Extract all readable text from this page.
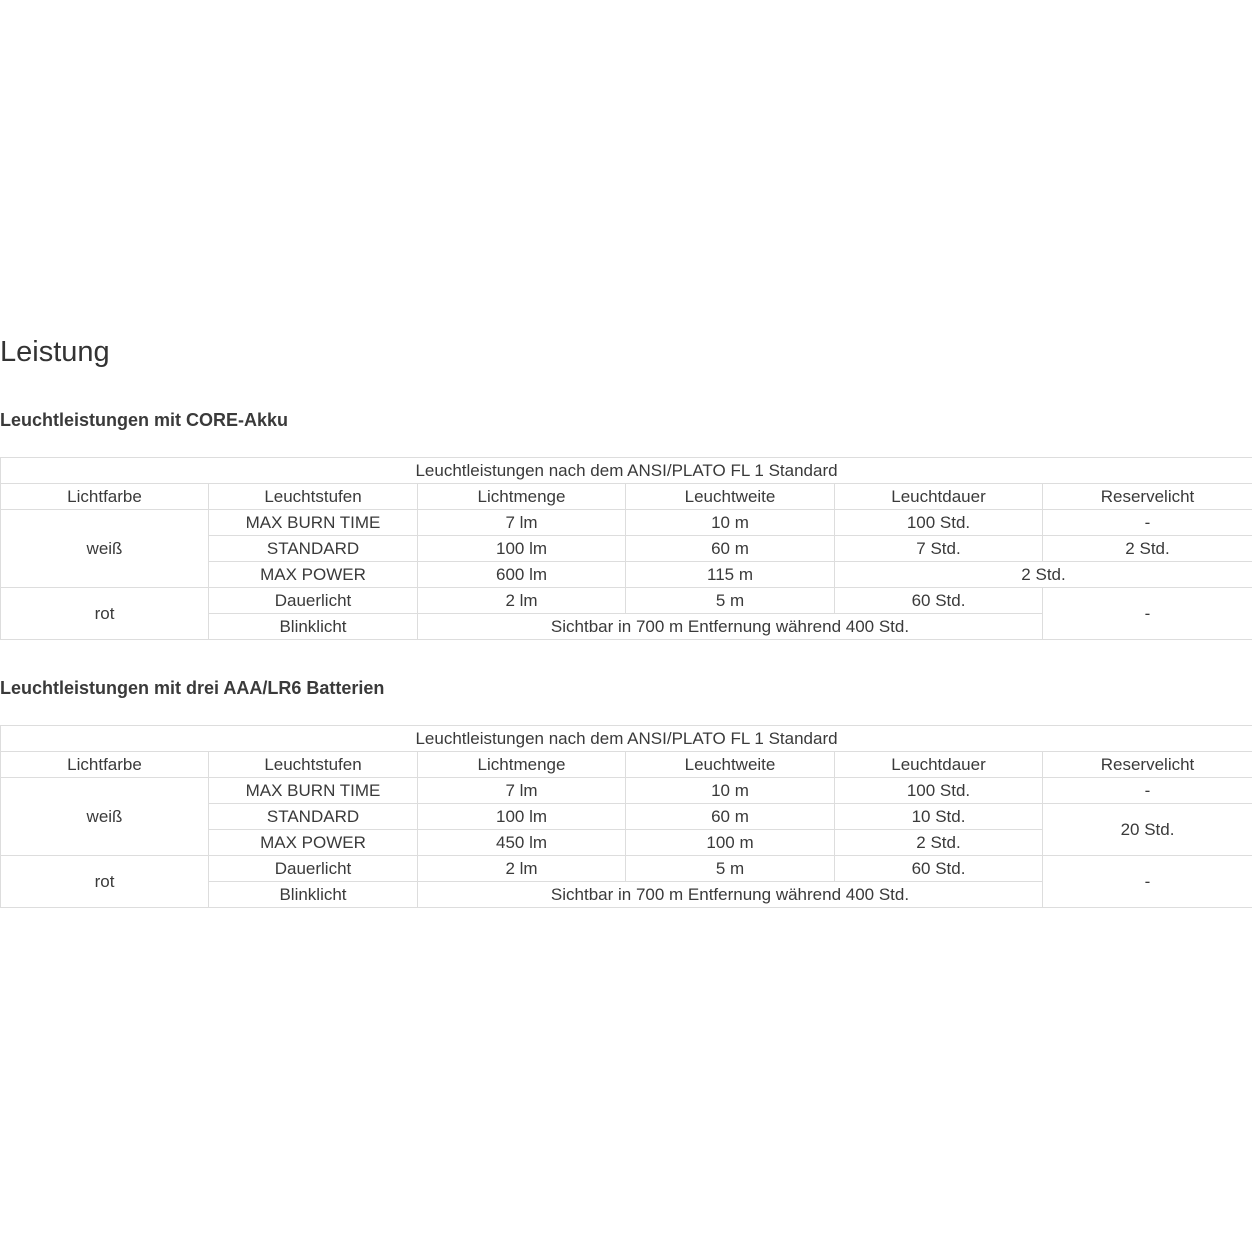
Leistung
Leuchtleistungen mit CORE-Akku
Leuchtleistungen nach dem ANSI/PLATO FL 1 Standard					
Lichtfarbe	Leuchtstufen	Lichtmenge	Leuchtweite	Leuchtdauer	Reservelicht
weiß	MAX BURN TIME	7 lm	10 m	100 Std.	-
	STANDARD	100 lm	60 m	7 Std.	2 Std.
	MAX POWER	600 lm	115 m	2 Std.	
rot	Dauerlicht	2 lm	5 m	60 Std.	-
	Blinklicht	Sichtbar in 700 m Entfernung während 400 Std.			
Leuchtleistungen mit drei AAA/LR6 Batterien
Leuchtleistungen nach dem ANSI/PLATO FL 1 Standard					
Lichtfarbe	Leuchtstufen	Lichtmenge	Leuchtweite	Leuchtdauer	Reservelicht
weiß	MAX BURN TIME	7 lm	10 m	100 Std.	-
	STANDARD	100 lm	60 m	10 Std.	20 Std.
	MAX POWER	450 lm	100 m	2 Std.	
rot	Dauerlicht	2 lm	5 m	60 Std.	-
	Blinklicht	Sichtbar in 700 m Entfernung während 400 Std.			
